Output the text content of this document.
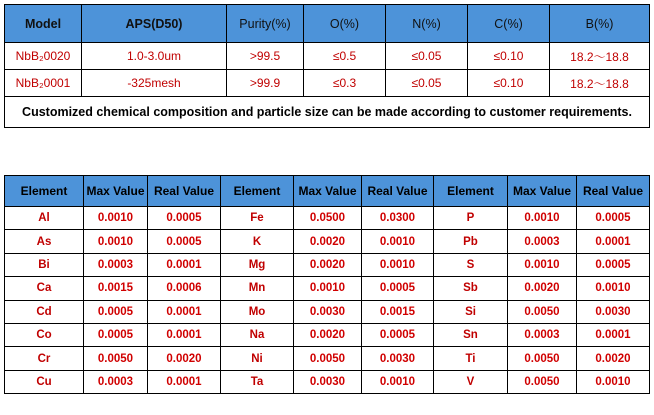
Model	APS(D50)	Purity(%)	O(%)	N(%)	C(%)	B(%)
NbB₂0020	1.0-3.0um	>99.5	≤0.5	≤0.05	≤0.10	18.2～18.8
NbB₂0001	-325mesh	>99.9	≤0.3	≤0.05	≤0.10	18.2～18.8
Customized chemical composition and particle size can be made according to customer requirements.						
Element	Max Value	Real Value	Element	Max Value	Real Value	Element	Max Value	Real Value
Al	0.0010	0.0005	Fe	0.0500	0.0300	P	0.0010	0.0005
As	0.0010	0.0005	K	0.0020	0.0010	Pb	0.0003	0.0001
Bi	0.0003	0.0001	Mg	0.0020	0.0010	S	0.0010	0.0005
Ca	0.0015	0.0006	Mn	0.0010	0.0005	Sb	0.0020	0.0010
Cd	0.0005	0.0001	Mo	0.0030	0.0015	Si	0.0050	0.0030
Co	0.0005	0.0001	Na	0.0020	0.0005	Sn	0.0003	0.0001
Cr	0.0050	0.0020	Ni	0.0050	0.0030	Ti	0.0050	0.0020
Cu	0.0003	0.0001	Ta	0.0030	0.0010	V	0.0050	0.0010
